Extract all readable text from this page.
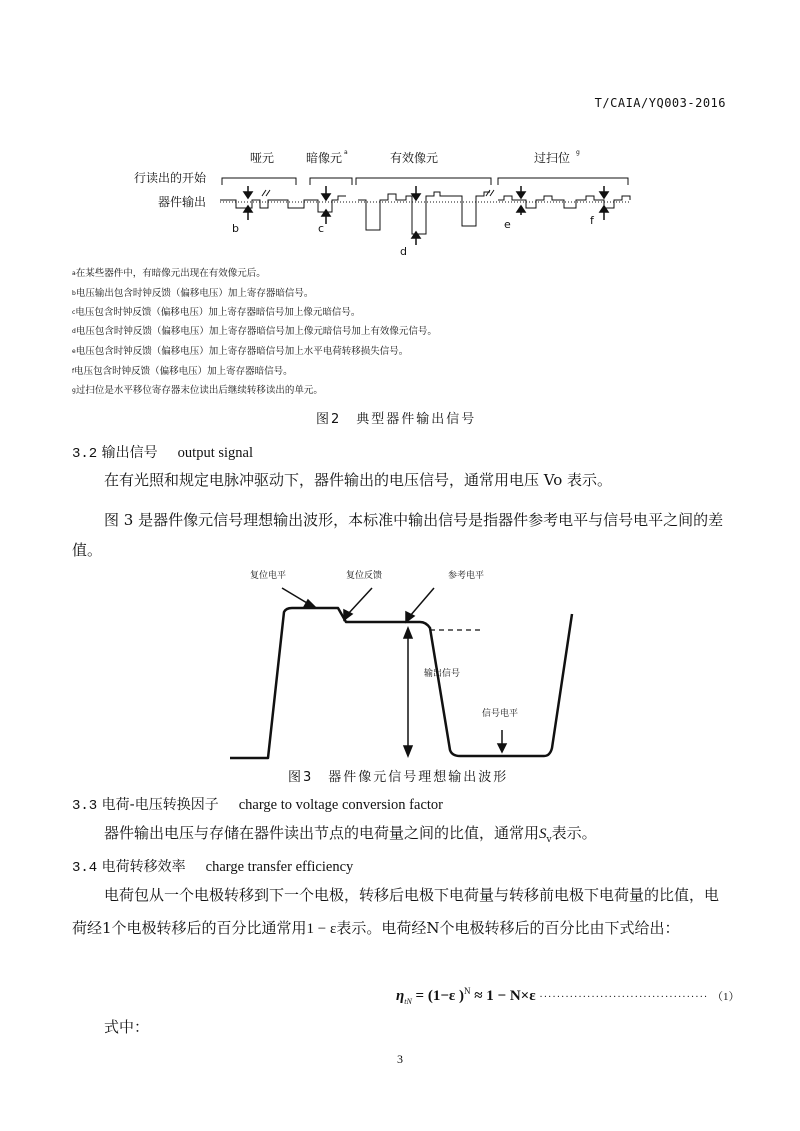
T/CAIA/YQ003-2016
哑元	暗像元 a	有效像元	过扫位 g
行读出的开始
器件输出
b	c
d
e	f
$^a$在某些器件中，有暗像元出现在有效像元后。
$^b$电压输出包含时钟反馈（偏移电压）加上寄存器暗信号。
$^c$电压包含时钟反馈（偏移电压）加上寄存器暗信号加上像元暗信号。
$^d$电压包含时钟反馈（偏移电压）加上寄存器暗信号加上像元暗信号加上有效像元信号。
$^e$电压包含时钟反馈（偏移电压）加上寄存器暗信号加上水平电荷转移损失信号。
$^f$电压包含时钟反馈（偏移电压）加上寄存器暗信号。
$^g$过扫位是水平移位寄存器末位读出后继续转移读出的单元。
图2　典型器件输出信号
3.2 输出信号 output signal
在有光照和规定电脉冲驱动下，器件输出的电压信号，通常用电压 Vo 表示。
图 3 是器件像元信号理想输出波形，本标准中输出信号是指器件参考电平与信号电平之间的差值。
复位电平	复位反馈	参考电平
输出信号
信号电平
图3　器件像元信号理想输出波形
3.3 电荷-电压转换因子 charge to voltage conversion factor
器件输出电压与存储在器件读出节点的电荷量之间的比值，通常用$S_v$表示。
3.4 电荷转移效率 charge transfer efficiency
电荷包从一个电极转移到下一个电极，转移后电极下电荷量与转移前电极下电荷量的比值，电荷经1个电极转移后的百分比通常用1 − ε表示。电荷经N个电极转移后的百分比由下式给出：
$\eta_{tN} = (1-\varepsilon$ )$^N$ ≈ 1 − N×ε ······································· （1）
式中：
3
